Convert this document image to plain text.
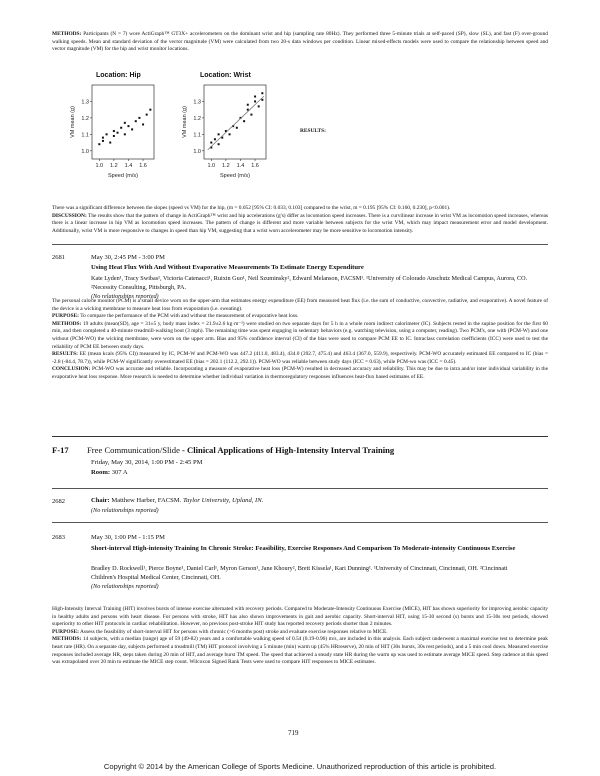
METHODS: Participants (N = 7) wore ActiGraph™ GT3X+ accelerometers on the dominant wrist and hip (sampling rate 80Hz). They performed three 5-minute trials at self-paced (SP), slow (SL), and fast (F) over-ground walking speeds. Mean and standard deviation of the vector magnitude (VM) were calculated from two 20-s data windows per condition. Linear mixed-effects models were used to compare the relationship between speed and vector magnitude (VM) for the hip and wrist monitor locations.
Location: Hip
1.0 1.2 1.4 1.6
1.0
1.1
1.2
1.3
Speed (m/s)
VM mean (g)
Location: Wrist
1.0 1.2 1.4 1.6
1.0
1.1
1.2
1.3
Speed (m/s)
VM mean (g)	RESULTS:
There was a significant difference between the slopes (speed vs VM) for the hip, (m = 0.052 [95% CI: 0.033, 0.103] compared to the wrist, m = 0.195 [95% CI: 0.160, 0.230], p<0.001).
DISCUSSION: The results show that the pattern of change in ActiGraph™ wrist and hip accelerations (g's) differ as locomotion speed increases. There is a curvilinear increase in wrist VM as locomotion speed increases, whereas there is a linear increase in hip VM as locomotion speed increases. The pattern of change is different and more variable between subjects for the wrist VM, which may impact measurement error and model development. Additionally, wrist VM is more responsive to changes in speed than hip VM, suggesting that a wrist worn accelerometer may be more sensitive to locomotion intensity.
2681	May 30, 2:45 PM - 3:00 PM
Using Heat Flux With And Without Evaporative Measurements To Estimate Energy Expenditure
Kate Lyden¹, Tracy Swibas¹, Victoria Catenacci¹, Ruixin Guo¹, Neil Szuminsky², Edward Melanson, FACSM¹. ¹University of Colorado Anschutz Medical Campus, Aurora, CO. ²Necessity Consulting, Pittsburgh, PA.
(No relationships reported)
The personal calorie monitor (PCM) is a small device worn on the upper-arm that estimates energy expenditure (EE) from measured heat flux (i.e. the sum of conductive, convective, radiative, and evaporative). A novel feature of the device is a wicking membrane to measure heat loss from evaporation (i.e. sweating).
PURPOSE: To compare the performance of the PCM with and without the measurement of evaporative heat loss.
METHODS: 19 adults (mean(SD), age = 31±5 y, body mass index = 21.9±2.6 kg·m⁻²) were studied on two separate days for 5 h in a whole room indirect calorimeter (IC). Subjects rested in the supine position for the first 60 min, and then completed a 40-minute treadmill-walking bout (3 mph). The remaining time was spent engaging in sedentary behaviors (e.g. watching television, using a computer, reading). Two PCM's, one with (PCM-W) and one without (PCM-WO) the wicking membrane, were worn on the upper arm. Bias and 95% confidence interval (CI) of the bias were used to compare PCM EE to IC. Intraclass correlation coefficients (ICC) were used to test the reliability of PCM EE between study days.
RESULTS: EE (mean kcals (95% CI)) measured by IC, PCM-W and PCM-WO was 447.2 (411.0, 483.4), 434.0 (392.7, 475.4) and 463.4 (367.0, 559.9), respectively. PCM-WO accurately estimated EE compared to IC (bias = -2.8 (-84.4, 78.7)), while PCM-W significantly overestimated EE (bias = 202.1 (112.2, 292.1)). PCM-WO was reliable between study days (ICC = 0.63), while PCM-wo was (ICC = 0.45).
CONCLUSION: PCM-WO was accurate and reliable. Incorporating a measure of evaporative heat loss (PCM-W) resulted in decreased accuracy and reliability. This may be due to intra and/or inter individual variability in the evaporative heat loss response. More research is needed to determine whether individual variation in thermoregulatory responses influences heat-flux based estimates of EE.
F-17 Free Communication/Slide - Clinical Applications of High-Intensity Interval Training
Friday, May 30, 2014, 1:00 PM - 2:45 PM
Room: 307 A
2682	Chair: Matthew Harber, FACSM. Taylor University, Upland, IN.
(No relationships reported)
2683	May 30, 1:00 PM - 1:15 PM
Short-interval High-intensity Training In Chronic Stroke: Feasibility, Exercise Responses And Comparison To Moderate-intensity Continuous Exercise
Bradley D. Rockwell¹, Pierce Boyne¹, Daniel Carl¹, Myron Gerson¹, Jane Khoury², Brett Kissela¹, Kari Dunning¹. ¹University of Cincinnati, Cincinnati, OH. ²Cincinnati Children's Hospital Medical Center, Cincinnati, OH.
(No relationships reported)
High-Intensity Interval Training (HIT) involves bursts of intense exercise alternated with recovery periods. Compared to Moderate-Intensity Continuous Exercise (MICE), HIT has shown superiority for improving aerobic capacity in healthy adults and persons with heart disease. For persons with stroke, HIT has also shown improvements in gait and aerobic capacity. Short-interval HIT, using 15-30 second (s) bursts and 15-30s rest periods, showed superiority to other HIT protocols in cardiac rehabilitation. However, no previous post-stroke HIT study has reported recovery periods shorter than 2 minutes.
PURPOSE: Assess the feasibility of short-interval HIT for persons with chronic (>6 months post) stroke and evaluate exercise responses relative to MICE.
METHODS: 14 subjects, with a median (range) age of 59 (49-82) years and a comfortable walking speed of 0.54 (0.19-0.96) m/s, are included in this analysis. Each subject underwent a maximal exercise test to determine peak heart rate (HR). On a separate day, subjects performed a treadmill (TM) HIT protocol involving a 5 minute (min) warm up (45% HRreserve), 20 min of HIT (30s bursts, 30s rest periods), and a 5 min cool down. Measured exercise responses included average HR, steps taken during 20 min of HIT, and average burst TM speed. The speed that achieved a steady state HR during the warm up was used to estimate average MICE speed. Step cadence at this speed was extrapolated over 20 min to estimate the MICE step count. Wilcoxon Signed Rank Tests were used to compare HIT responses to MICE estimates.
719
Copyright © 2014 by the American College of Sports Medicine. Unauthorized reproduction of this article is prohibited.
